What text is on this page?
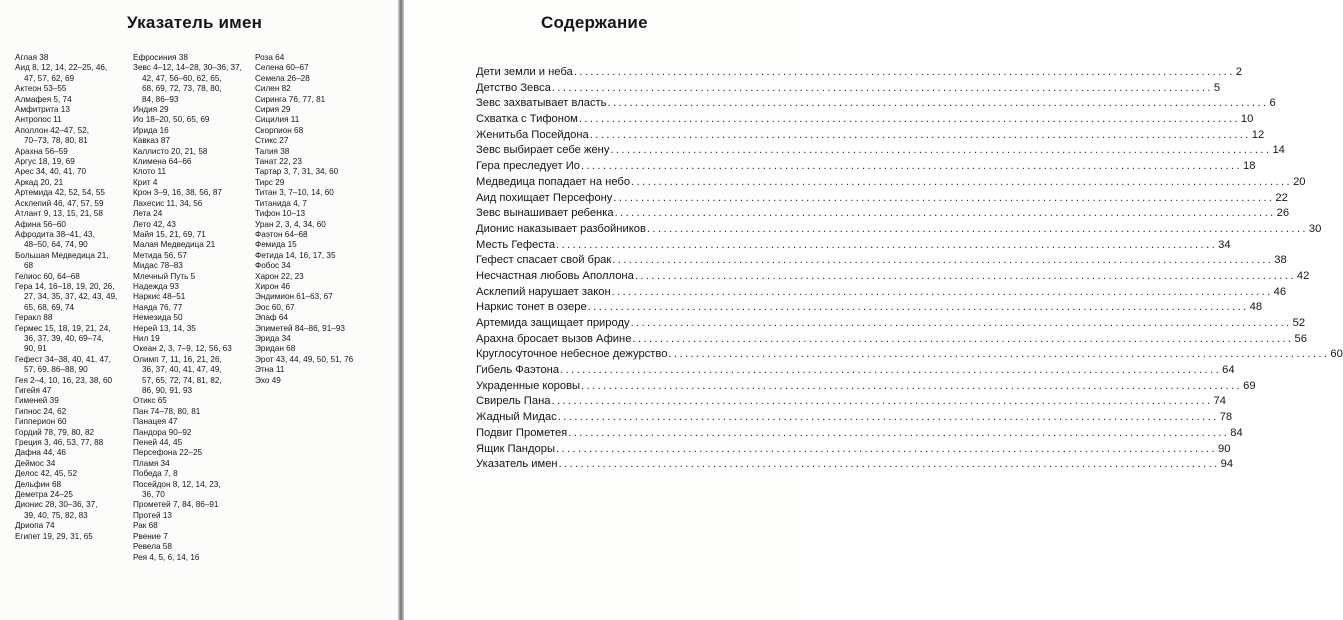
Указатель имен	Содержание
Аглая 38
Аид 8, 12, 14, 22–25, 46,
47, 57, 62, 69
Актеон 53–55
Алмафея 5, 74
Амфитрита 13
Антропос 11
Аполлон 42–47, 52,
70–73, 78, 80, 81
Арахна 56–59
Аргус 18, 19, 69
Арес 34, 40, 41, 70
Аркад 20, 21
Артемида 42, 52, 54, 55
Асклепий 46, 47, 57, 59
Атлант 9, 13, 15, 21, 58
Афина 56–60
Афродита 38–41, 43,
48–50, 64, 74, 90
Большая Медведица 21,
68
Гелиос 60, 64–68
Гера 14, 16–18, 19, 20, 26,
27, 34, 35, 37, 42, 43, 49,
65, 68, 69, 74
Геракл 88
Гермес 15, 18, 19, 21, 24,
36, 37, 39, 40, 69–74,
90, 91
Гефест 34–38, 40, 41, 47,
57, 69, 86–88, 90
Гея 2–4, 10, 16, 23, 38, 60
Гигейя 47
Гименей 39
Гипнос 24, 62
Гипперион 60
Гордий 78, 79, 80, 82
Греция 3, 46, 53, 77, 88
Дафна 44, 46
Деймос 34
Делос 42, 45, 52
Дельфин 68
Деметра 24–25
Дионис 28, 30–36, 37,
39, 40, 75, 82, 83
Дриопа 74
Египет 19, 29, 31, 65
Ефросиния 38
Зевс 4–12, 14–28, 30–36, 37,
42, 47, 56–60, 62, 65,
68, 69, 72, 73, 78, 80,
84, 86–93
Индия 29
Ио 18–20, 50, 65, 69
Ирида 16
Кавказ 87
Каллисто 20, 21, 58
Климена 64–66
Клото 11
Крит 4
Крон 3–9, 16, 38, 56, 87
Лахесис 11, 34, 56
Лета 24
Лето 42, 43
Майя 15, 21, 69, 71
Малая Медведица 21
Метида 56, 57
Мидас 78–83
Млечный Путь 5
Надежда 93
Наркис 48–51
Наяда 76, 77
Немезида 50
Нерей 13, 14, 35
Нил 19
Океан 2, 3, 7–9, 12, 56, 63
Олимп 7, 11, 16, 21, 26,
36, 37, 40, 41, 47, 49,
57, 65, 72, 74, 81, 82,
86, 90, 91, 93
Отикс 65
Пан 74–78, 80, 81
Панацея 47
Пандора 90–92
Пеней 44, 45
Персефона 22–25
Пламя 34
Победа 7, 8
Посейдон 8, 12, 14, 23,
36, 70
Прометей 7, 84, 86–91
Протей 13
Рак 68
Рвение 7
Ревела 58
Рея 4, 5, 6, 14, 16
Роза 64
Селена 60–67
Семела 26–28
Силен 82
Сиринга 76, 77, 81
Сирия 29
Сицилия 11
Скорпион 68
Стикс 27
Талия 38
Танат 22, 23
Тартар 3, 7, 31, 34, 60
Тирс 29
Титан 3, 7–10, 14, 60
Титанида 4, 7
Тифон 10–13
Уран 2, 3, 4, 34, 60
Фаэтон 64–68
Фемида 15
Фетида 14, 16, 17, 35
Фобос 34
Харон 22, 23
Хирон 46
Эндимион 61–63, 67
Эос 60, 67
Эпаф 64
Эпиметей 84–86, 91–93
Эрида 34
Эридан 68
Эрот 43, 44, 49, 50, 51, 76
Этна 11
Эхо 49
Дети земли и неба ........................................................................................................................ 2
Детство Зевса ........................................................................................................................ 5
Зевс захватывает власть ........................................................................................................................ 6
Схватка с Тифоном ........................................................................................................................ 10
Женитьба Посейдона ........................................................................................................................ 12
Зевс выбирает себе жену ........................................................................................................................ 14
Гера преследует Ио ........................................................................................................................ 18
Медведица попадает на небо ........................................................................................................................ 20
Аид похищает Персефону ........................................................................................................................ 22
Зевс вынашивает ребенка ........................................................................................................................ 26
Дионис наказывает разбойников ........................................................................................................................ 30
Месть Гефеста ........................................................................................................................ 34
Гефест спасает свой брак ........................................................................................................................ 38
Несчастная любовь Аполлона ........................................................................................................................ 42
Асклепий нарушает закон ........................................................................................................................ 46
Наркис тонет в озере ........................................................................................................................ 48
Артемида защищает природу ........................................................................................................................ 52
Арахна бросает вызов Афине ........................................................................................................................ 56
Круглосуточное небесное дежурство ........................................................................................................................ 60
Гибель Фаэтона ........................................................................................................................ 64
Украденные коровы ........................................................................................................................ 69
Свирель Пана ........................................................................................................................ 74
Жадный Мидас ........................................................................................................................ 78
Подвиг Прометея ........................................................................................................................ 84
Ящик Пандоры ........................................................................................................................ 90
Указатель имен ........................................................................................................................ 94
